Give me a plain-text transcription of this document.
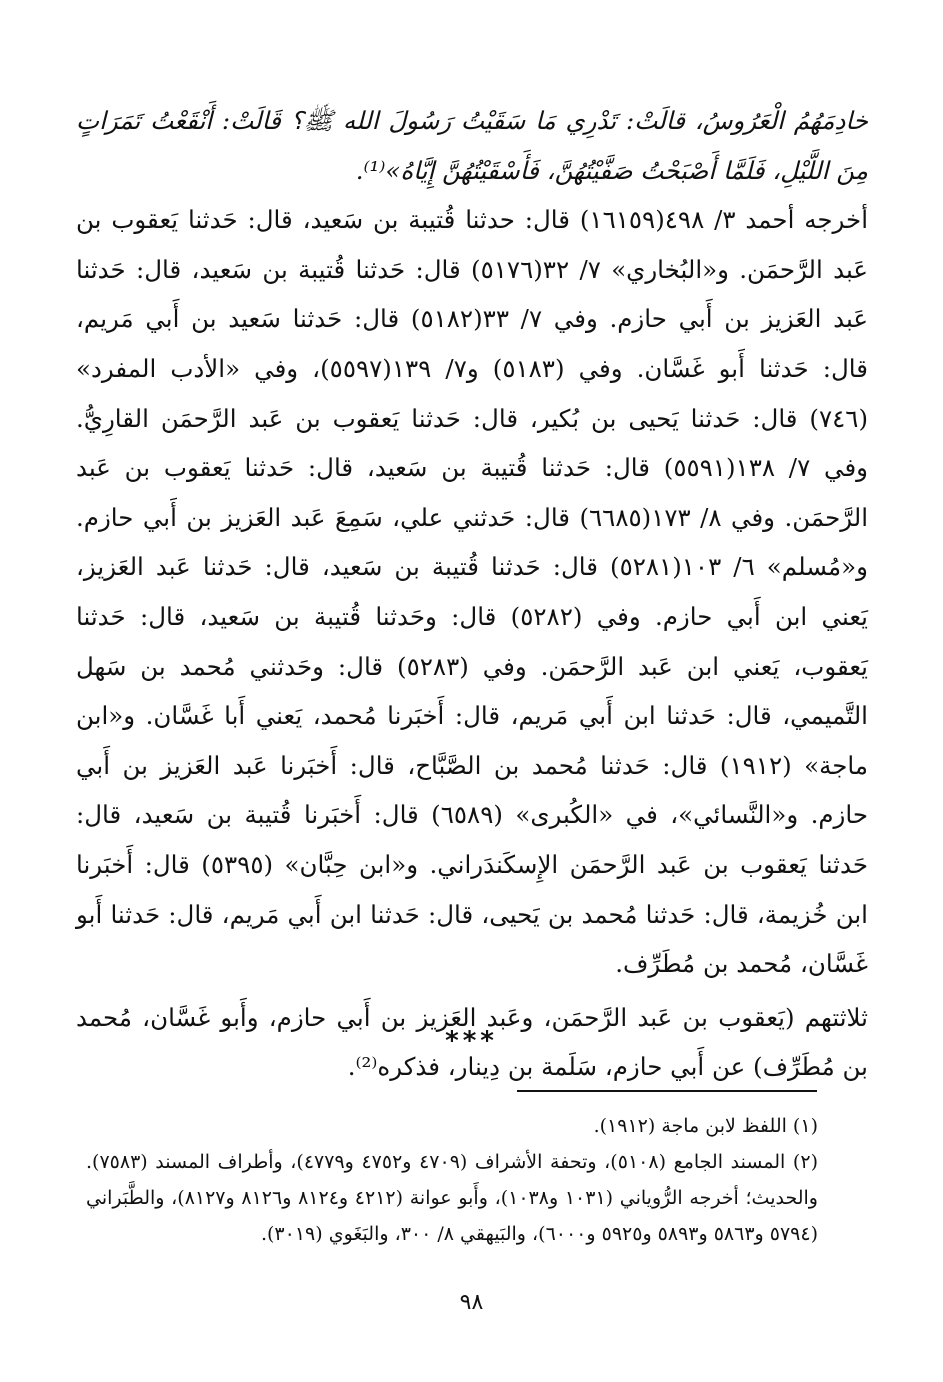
خادِمَهُمُ الْعَرُوسُ، قالَتْ: تَدْرِي مَا سَقَيْتُ رَسُولَ الله ﷺ؟ قَالَتْ: أَنْقَعْتُ تَمَرَاتٍ مِنَ اللَّيْلِ، فَلَمَّا أَصْبَحْتُ صَفَّيْتُهُنَّ، فَأَسْقَيْتُهُنَّ إِيَّاهُ»⁽¹⁾.

أخرجه أحمد ٣/ ٤٩٨(١٦١٥٩) قال: حدثنا قُتيبة بن سَعيد، قال: حَدثنا يَعقوب بن عَبد الرَّحمَن. و«البُخاري» ٧/ ٣٢(٥١٧٦) قال: حَدثنا قُتيبة بن سَعيد، قال: حَدثنا عَبد العَزيز بن أَبي حازم. وفي ٧/ ٣٣(٥١٨٢) قال: حَدثنا سَعيد بن أَبي مَريم، قال: حَدثنا أَبو غَسَّان. وفي (٥١٨٣) و٧/ ١٣٩(٥٥٩٧)، وفي «الأدب المفرد» (٧٤٦) قال: حَدثنا يَحيى بن بُكير، قال: حَدثنا يَعقوب بن عَبد الرَّحمَن القارِيُّ. وفي ٧/ ١٣٨(٥٥٩١) قال: حَدثنا قُتيبة بن سَعيد، قال: حَدثنا يَعقوب بن عَبد الرَّحمَن. وفي ٨/ ١٧٣(٦٦٨٥) قال: حَدثني علي، سَمِعَ عَبد العَزيز بن أَبي حازم. و«مُسلم» ٦/ ١٠٣(٥٢٨١) قال: حَدثنا قُتيبة بن سَعيد، قال: حَدثنا عَبد العَزيز، يَعني ابن أَبي حازم. وفي (٥٢٨٢) قال: وحَدثنا قُتيبة بن سَعيد، قال: حَدثنا يَعقوب، يَعني ابن عَبد الرَّحمَن. وفي (٥٢٨٣) قال: وحَدثني مُحمد بن سَهل التَّميمي، قال: حَدثنا ابن أَبي مَريم، قال: أَخبَرنا مُحمد، يَعني أَبا غَسَّان. و«ابن ماجة» (١٩١٢) قال: حَدثنا مُحمد بن الصَّبَّاح، قال: أَخبَرنا عَبد العَزيز بن أَبي حازم. و«النَّسائي»، في «الكُبرى» (٦٥٨٩) قال: أَخبَرنا قُتيبة بن سَعيد، قال: حَدثنا يَعقوب بن عَبد الرَّحمَن الإِسكَندَراني. و«ابن حِبَّان» (٥٣٩٥) قال: أَخبَرنا ابن خُزيمة، قال: حَدثنا مُحمد بن يَحيى، قال: حَدثنا ابن أَبي مَريم، قال: حَدثنا أَبو غَسَّان، مُحمد بن مُطَرِّف.

ثلاثتهم (يَعقوب بن عَبد الرَّحمَن، وعَبد العَزيز بن أَبي حازم، وأَبو غَسَّان، مُحمد بن مُطَرِّف) عن أَبي حازم، سَلَمة بن دِينار، فذكره⁽²⁾.

***

(١) اللفظ لابن ماجة (١٩١٢).

(٢) المسند الجامع (٥١٠٨)، وتحفة الأشراف (٤٧٠٩ و٤٧٥٢ و٤٧٧٩)، وأطراف المسند (٧٥٨٣). والحديث؛ أخرجه الرُّوياني (١٠٣١ و١٠٣٨)، وأَبو عوانة (٤٢١٢ و٨١٢٤ و٨١٢٦ و٨١٢٧)، والطَّبَراني (٥٧٩٤ و٥٨٦٣ و٥٨٩٣ و٥٩٢٥ و٦٠٠٠)، والبَيهقي ٨/ ٣٠٠، والبَغَوي (٣٠١٩).

٩٨
